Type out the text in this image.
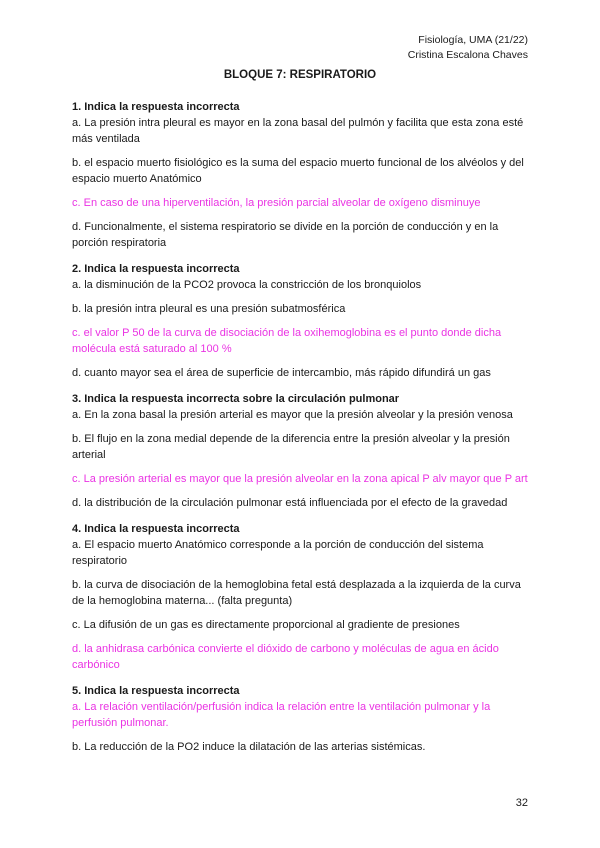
Fisiología, UMA (21/22)
Cristina Escalona Chaves
BLOQUE 7: RESPIRATORIO
1. Indica la respuesta incorrecta
a. La presión intra pleural es mayor en la zona basal del pulmón y facilita que esta zona esté más ventilada
b. el espacio muerto fisiológico es la suma del espacio muerto funcional de los alvéolos y del espacio muerto Anatómico
c. En caso de una hiperventilación, la presión parcial alveolar de oxígeno disminuye
d. Funcionalmente, el sistema respiratorio se divide en la porción de conducción y en la porción respiratoria
2. Indica la respuesta incorrecta
a. la disminución de la PCO2 provoca la constricción de los bronquiolos
b. la presión intra pleural es una presión subatmosférica
c. el valor P 50 de la curva de disociación de la oxihemoglobina es el punto donde dicha molécula está saturado al 100 %
d. cuanto mayor sea el área de superficie de intercambio, más rápido difundirá un gas
3. Indica la respuesta incorrecta sobre la circulación pulmonar
a. En la zona basal la presión arterial es mayor que la presión alveolar y la presión venosa
b. El flujo en la zona medial depende de la diferencia entre la presión alveolar y la presión arterial
c. La presión arterial es mayor que la presión alveolar en la zona apical P alv mayor que P art
d. la distribución de la circulación pulmonar está influenciada por el efecto de la gravedad
4. Indica la respuesta incorrecta
a. El espacio muerto Anatómico corresponde a la porción de conducción del sistema respiratorio
b. la curva de disociación de la hemoglobina fetal está desplazada a la izquierda de la curva de la hemoglobina materna... (falta pregunta)
c. La difusión de un gas es directamente proporcional al gradiente de presiones
d. la anhidrasa carbónica convierte el dióxido de carbono y moléculas de agua en ácido carbónico
5. Indica la respuesta incorrecta
a. La relación ventilación/perfusión indica la relación entre la ventilación pulmonar y la perfusión pulmonar.
b. La reducción de la PO2 induce la dilatación de las arterias sistémicas.
32
